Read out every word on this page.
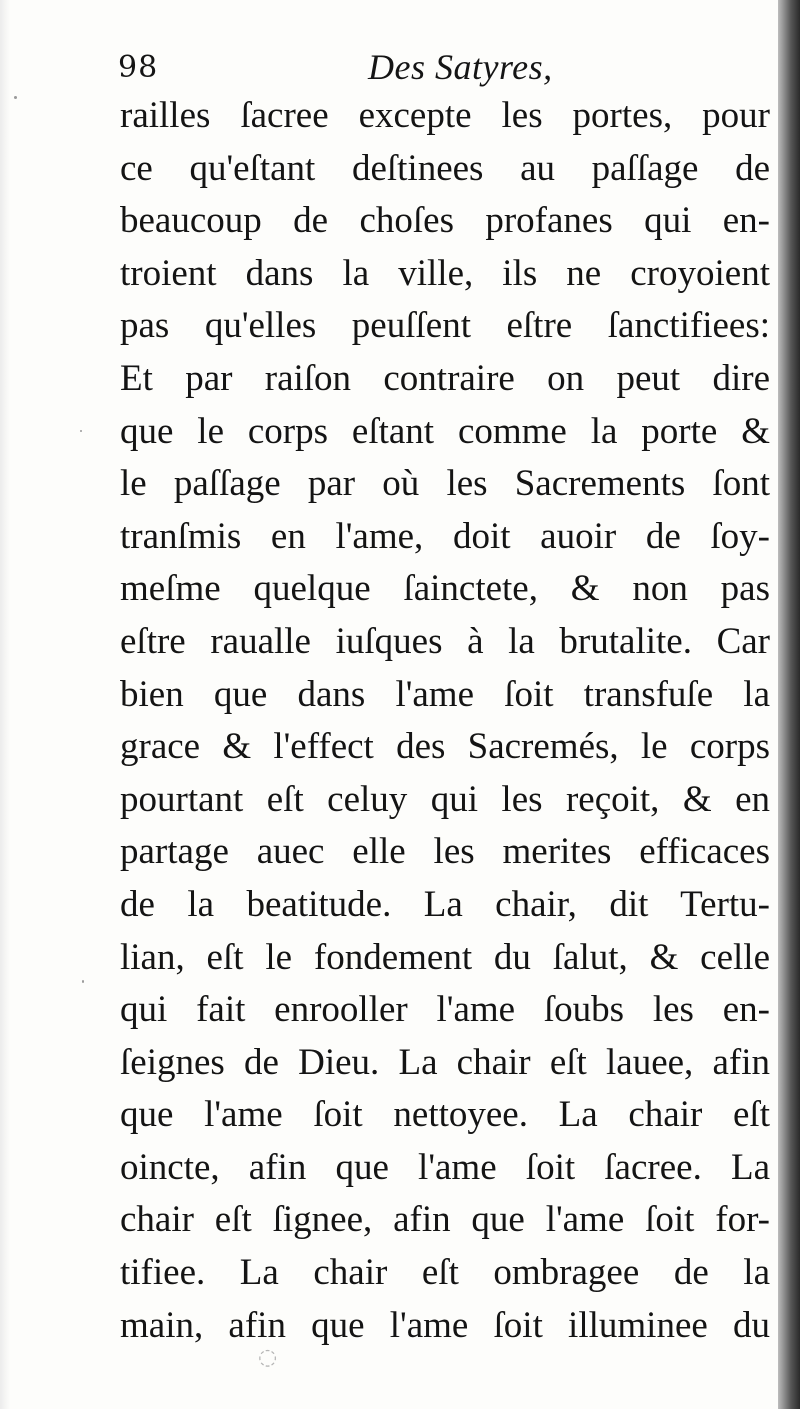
98	Des Satyres,
railles ſacree excepte les portes, pour
ce qu'eſtant deſtinees au paſſage de
beaucoup de choſes profanes qui en-
troient dans la ville, ils ne croyoient
pas qu'elles peuſſent eſtre ſanctifiees:
Et par raiſon contraire on peut dire
que le corps eſtant comme la porte &
le paſſage par où les Sacrements ſont
tranſmis en l'ame, doit auoir de ſoy-
meſme quelque ſainctete, & non pas
eſtre raualle iuſques à la brutalite. Car
bien que dans l'ame ſoit transfuſe la
grace & l'effect des Sacremés, le corps
pourtant eſt celuy qui les reçoit, & en
partage auec elle les merites efficaces
de la beatitude. La chair, dit Tertu-
lian, eſt le fondement du ſalut, & celle
qui fait enrooller l'ame ſoubs les en-
ſeignes de Dieu. La chair eſt lauee, afin
que l'ame ſoit nettoyee. La chair eſt
oincte, afin que l'ame ſoit ſacree. La
chair eſt ſignee, afin que l'ame ſoit for-
tifiee. La chair eſt ombragee de la
main, afin que l'ame ſoit illuminee du
◌
